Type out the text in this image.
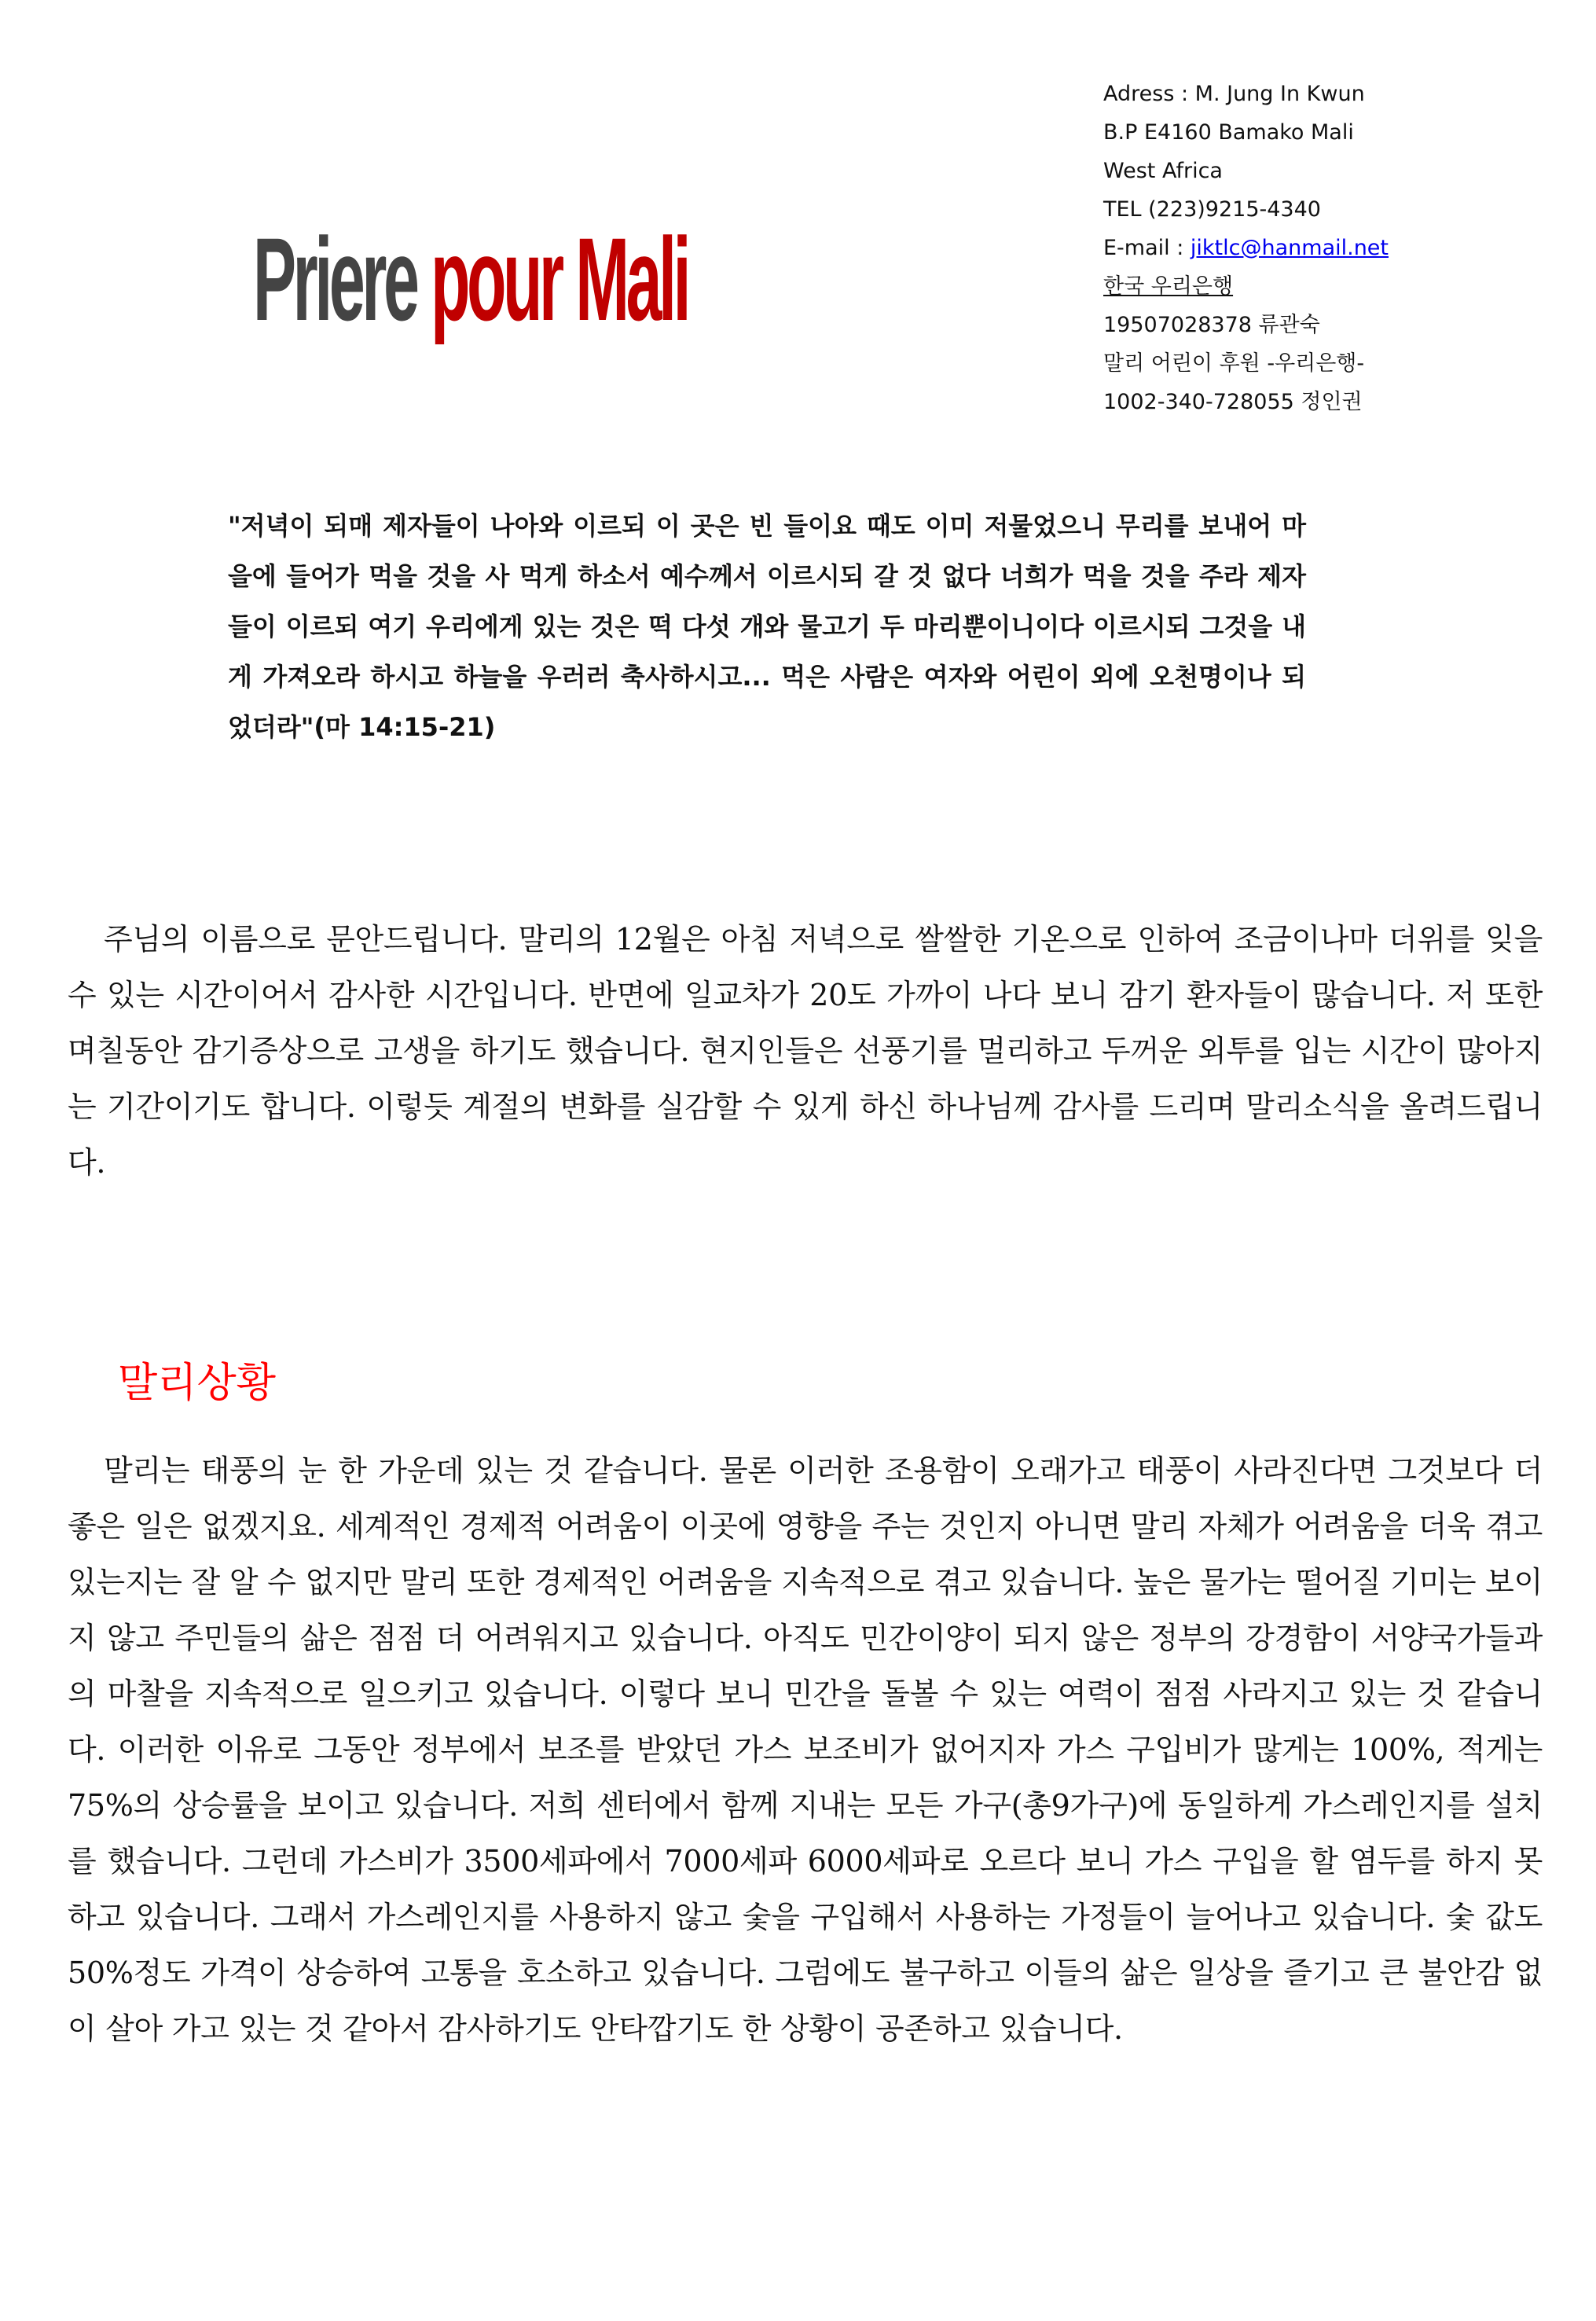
Priere pour Mali
Adress : M. Jung In Kwun
B.P E4160 Bamako Mali
West Africa
TEL (223)9215-4340
E-mail : jiktlc@hanmail.net
한국 우리은행
19507028378 류관숙
말리 어린이 후원 -우리은행-
1002-340-728055 정인권
"저녁이 되매 제자들이 나아와 이르되 이 곳은 빈 들이요 때도 이미 저물었으니 무리를 보내어 마을에 들어가 먹을 것을 사 먹게 하소서 예수께서 이르시되 갈 것 없다 너희가 먹을 것을 주라 제자들이 이르되 여기 우리에게 있는 것은 떡 다섯 개와 물고기 두 마리뿐이니이다 이르시되 그것을 내게 가져오라 하시고 하늘을 우러러 축사하시고... 먹은 사람은 여자와 어린이 외에 오천명이나 되었더라"(마 14:15-21)
주님의 이름으로 문안드립니다. 말리의 12월은 아침 저녁으로 쌀쌀한 기온으로 인하여 조금이나마 더위를 잊을 수 있는 시간이어서 감사한 시간입니다. 반면에 일교차가 20도 가까이 나다 보니 감기 환자들이 많습니다. 저 또한 며칠동안 감기증상으로 고생을 하기도 했습니다. 현지인들은 선풍기를 멀리하고 두꺼운 외투를 입는 시간이 많아지는 기간이기도 합니다. 이렇듯 계절의 변화를 실감할 수 있게 하신 하나님께 감사를 드리며 말리소식을 올려드립니다.
말리상황
말리는 태풍의 눈 한 가운데 있는 것 같습니다. 물론 이러한 조용함이 오래가고 태풍이 사라진다면 그것보다 더 좋은 일은 없겠지요. 세계적인 경제적 어려움이 이곳에 영향을 주는 것인지 아니면 말리 자체가 어려움을 더욱 겪고 있는지는 잘 알 수 없지만 말리 또한 경제적인 어려움을 지속적으로 겪고 있습니다. 높은 물가는 떨어질 기미는 보이지 않고 주민들의 삶은 점점 더 어려워지고 있습니다. 아직도 민간이양이 되지 않은 정부의 강경함이 서양국가들과의 마찰을 지속적으로 일으키고 있습니다. 이렇다 보니 민간을 돌볼 수 있는 여력이 점점 사라지고 있는 것 같습니다. 이러한 이유로 그동안 정부에서 보조를 받았던 가스 보조비가 없어지자 가스 구입비가 많게는 100%, 적게는 75%의 상승률을 보이고 있습니다. 저희 센터에서 함께 지내는 모든 가구(총9가구)에 동일하게 가스레인지를 설치를 했습니다. 그런데 가스비가 3500세파에서 7000세파 6000세파로 오르다 보니 가스 구입을 할 염두를 하지 못하고 있습니다. 그래서 가스레인지를 사용하지 않고 숯을 구입해서 사용하는 가정들이 늘어나고 있습니다. 숯 값도 50%정도 가격이 상승하여 고통을 호소하고 있습니다. 그럼에도 불구하고 이들의 삶은 일상을 즐기고 큰 불안감 없이 살아 가고 있는 것 같아서 감사하기도 안타깝기도 한 상황이 공존하고 있습니다.
